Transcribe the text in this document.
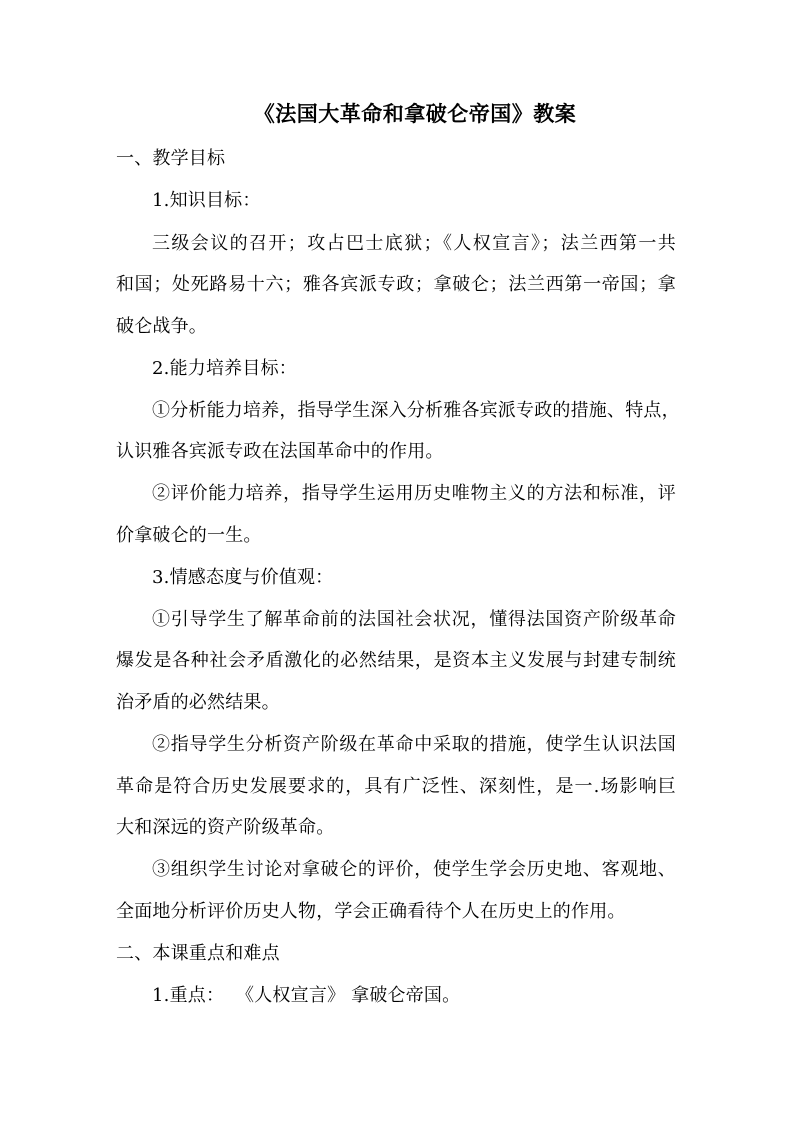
《法国大革命和拿破仑帝国》教案
一、教学目标
1.知识目标：
三级会议的召开；攻占巴士底狱；《人权宣言》；法兰西第一共
和国；处死路易十六；雅各宾派专政；拿破仑；法兰西第一帝国；拿
破仑战争。
2.能力培养目标：
①分析能力培养，指导学生深入分析雅各宾派专政的措施、特点，
认识雅各宾派专政在法国革命中的作用。
②评价能力培养，指导学生运用历史唯物主义的方法和标准，评
价拿破仑的一生。
3.情感态度与价值观：
①引导学生了解革命前的法国社会状况，懂得法国资产阶级革命
爆发是各种社会矛盾激化的必然结果，是资本主义发展与封建专制统
治矛盾的必然结果。
②指导学生分析资产阶级在革命中采取的措施，使学生认识法国
革命是符合历史发展要求的，具有广泛性、深刻性，是一.场影响巨
大和深远的资产阶级革命。
③组织学生讨论对拿破仑的评价，使学生学会历史地、客观地、
全面地分析评价历史人物，学会正确看待个人在历史上的作用。
二、本课重点和难点
1.重点：  《人权宣言》 拿破仑帝国。
